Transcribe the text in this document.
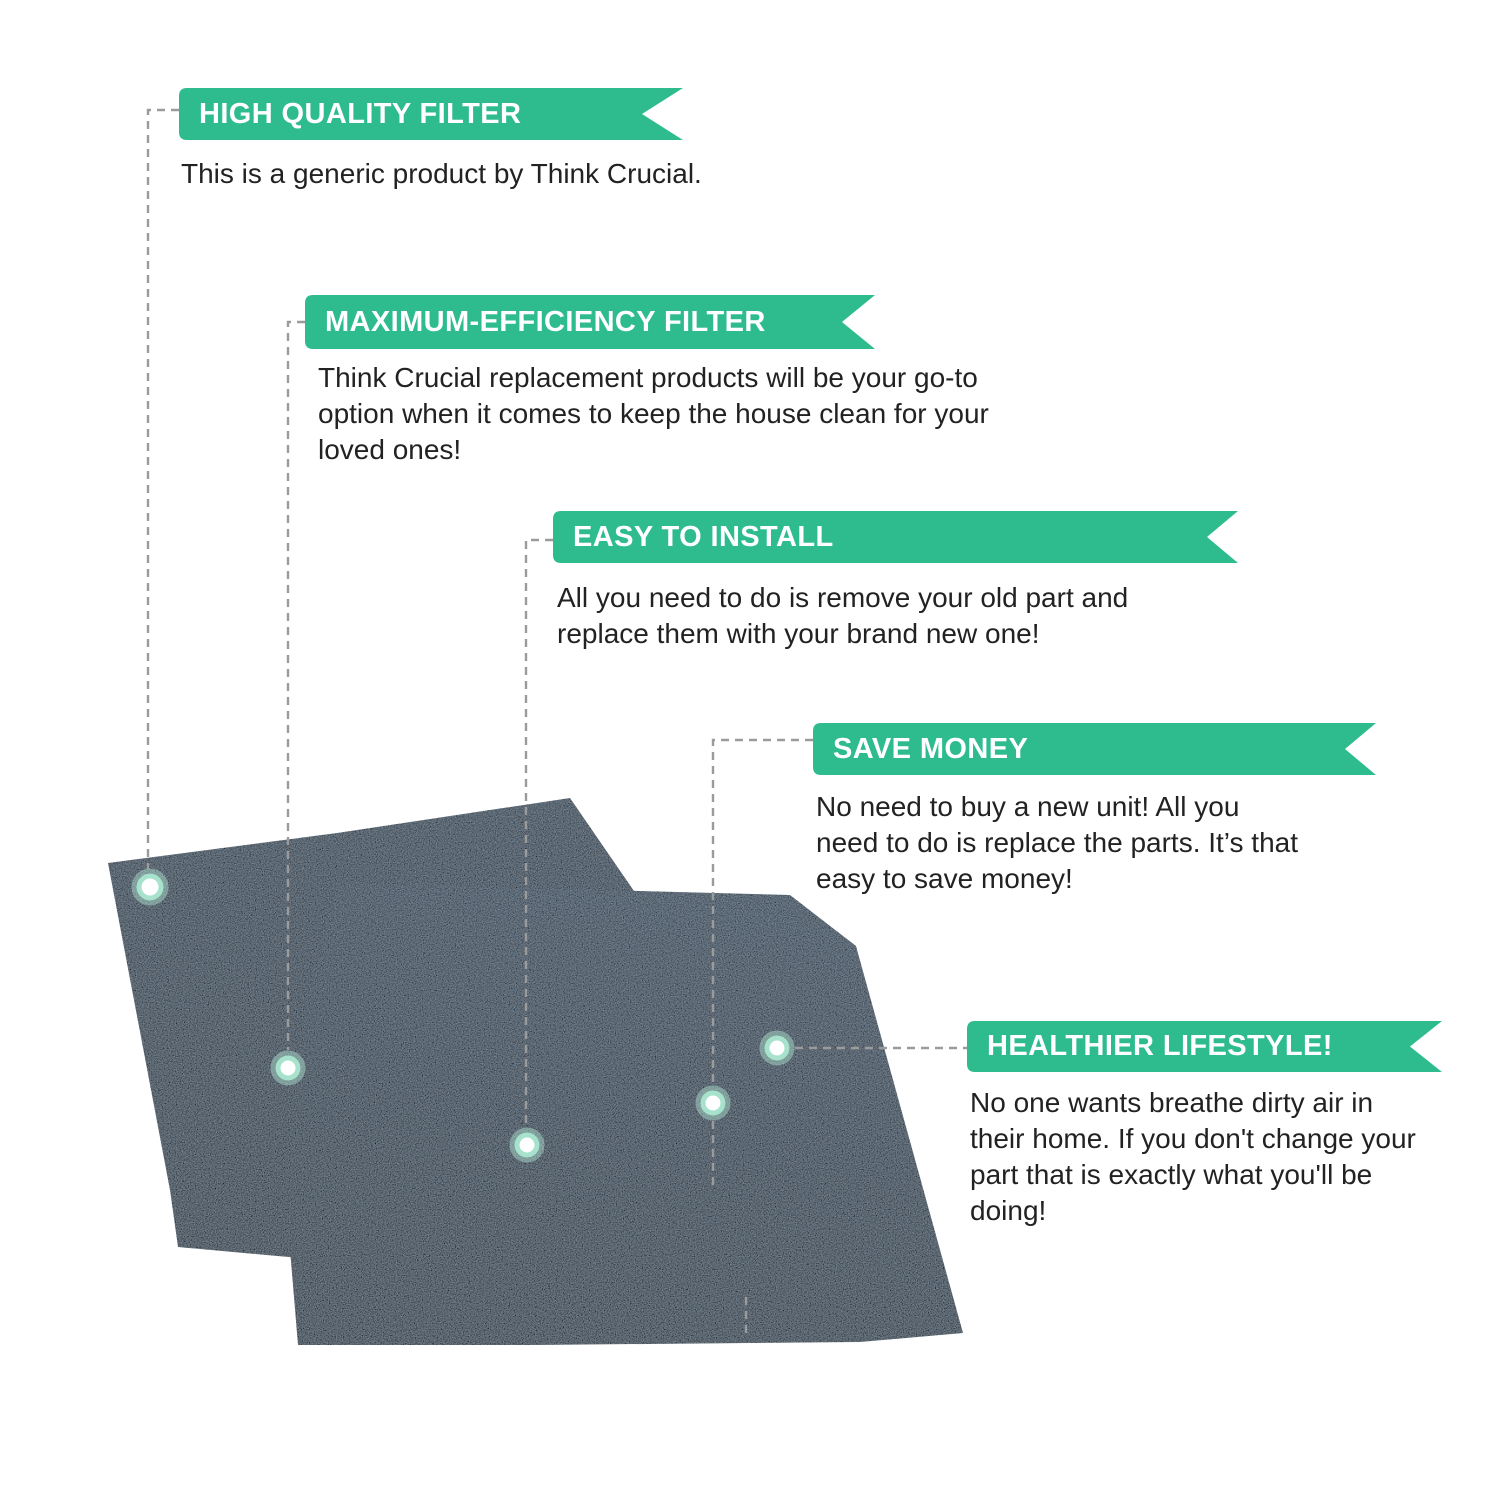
HIGH QUALITY FILTER
This is a generic product by Think Crucial.
MAXIMUM-EFFICIENCY FILTER
Think Crucial replacement products will be your go-to
option when it comes to keep the house clean for your
loved ones!
EASY TO INSTALL
All you need to do is remove your old part and
replace them with your brand new one!
SAVE MONEY
No need to buy a new unit! All you
need to do is replace the parts. It’s that
easy to save money!
HEALTHIER LIFESTYLE!
No one wants breathe dirty air in
their home. If you don't change your
part that is exactly what you'll be
doing!
